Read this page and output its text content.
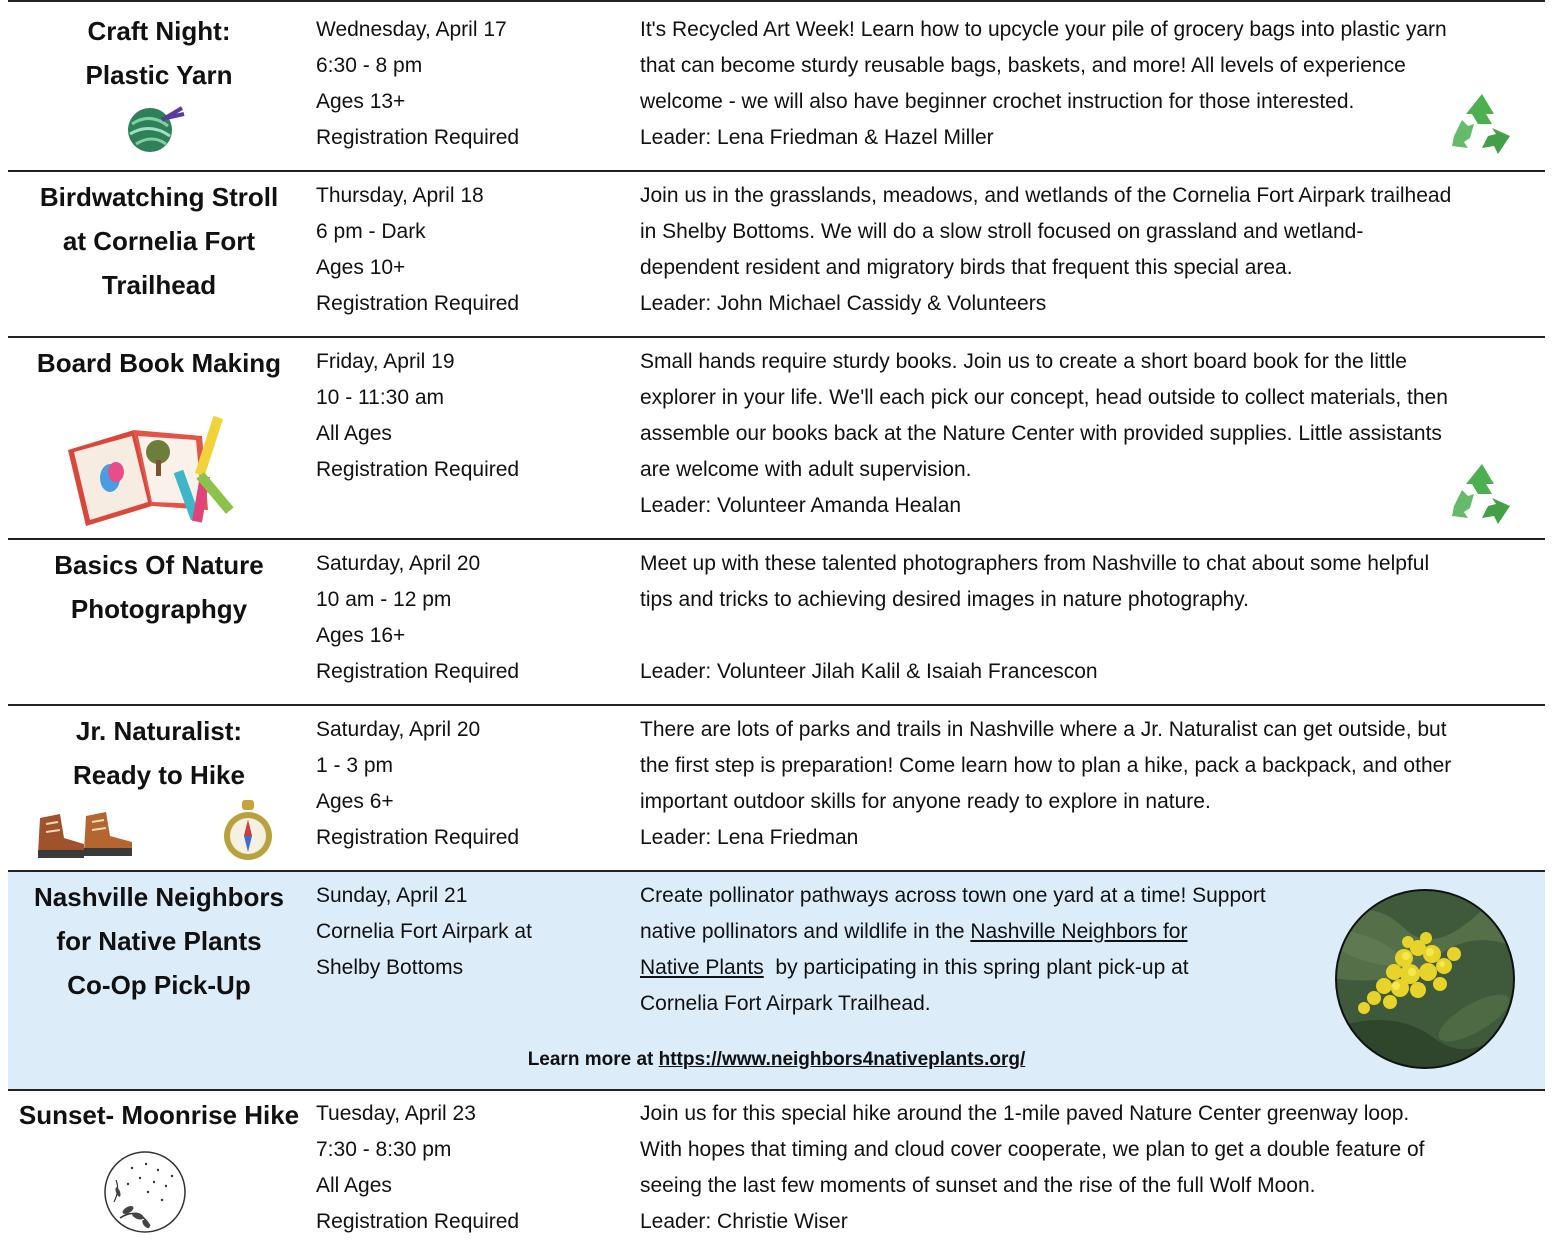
Craft Night:
Plastic Yarn
Wednesday, April 17
6:30 - 8 pm
Ages 13+
Registration Required
It's Recycled Art Week! Learn how to upcycle your pile of grocery bags into plastic yarn
that can become sturdy reusable bags, baskets, and more! All levels of experience
welcome - we will also have beginner crochet instruction for those interested.
Leader: Lena Friedman & Hazel Miller
Birdwatching Stroll
at Cornelia Fort
Trailhead
Thursday, April 18
6 pm - Dark
Ages 10+
Registration Required
Join us in the grasslands, meadows, and wetlands of the Cornelia Fort Airpark trailhead
in Shelby Bottoms. We will do a slow stroll focused on grassland and wetland-
dependent resident and migratory birds that frequent this special area.
Leader: John Michael Cassidy & Volunteers
Board Book Making	Friday, April 19
10 - 11:30 am
All Ages
Registration Required
Small hands require sturdy books. Join us to create a short board book for the little
explorer in your life. We'll each pick our concept, head outside to collect materials, then
assemble our books back at the Nature Center with provided supplies. Little assistants
are welcome with adult supervision.
Leader: Volunteer Amanda Healan
Basics Of Nature
Photographgy
Saturday, April 20
10 am - 12 pm
Ages 16+
Registration Required
Meet up with these talented photographers from Nashville to chat about some helpful
tips and tricks to achieving desired images in nature photography.
Leader: Volunteer Jilah Kalil & Isaiah Francescon
Jr. Naturalist:
Ready to Hike
Saturday, April 20
1 - 3 pm
Ages 6+
Registration Required
There are lots of parks and trails in Nashville where a Jr. Naturalist can get outside, but
the first step is preparation! Come learn how to plan a hike, pack a backpack, and other
important outdoor skills for anyone ready to explore in nature.
Leader: Lena Friedman
Nashville Neighbors
for Native Plants
Co-Op Pick-Up
Sunday, April 21
Cornelia Fort Airpark at
Shelby Bottoms
Create pollinator pathways across town one yard at a time! Support
native pollinators and wildlife in the Nashville Neighbors for
Native Plants  by participating in this spring plant pick-up at
Cornelia Fort Airpark Trailhead.
Learn more at https://www.neighbors4nativeplants.org/
Sunset- Moonrise Hike Tuesday, April 23
7:30 - 8:30 pm
All Ages
Registration Required
Join us for this special hike around the 1-mile paved Nature Center greenway loop.
With hopes that timing and cloud cover cooperate, we plan to get a double feature of
seeing the last few moments of sunset and the rise of the full Wolf Moon.
Leader: Christie Wiser
